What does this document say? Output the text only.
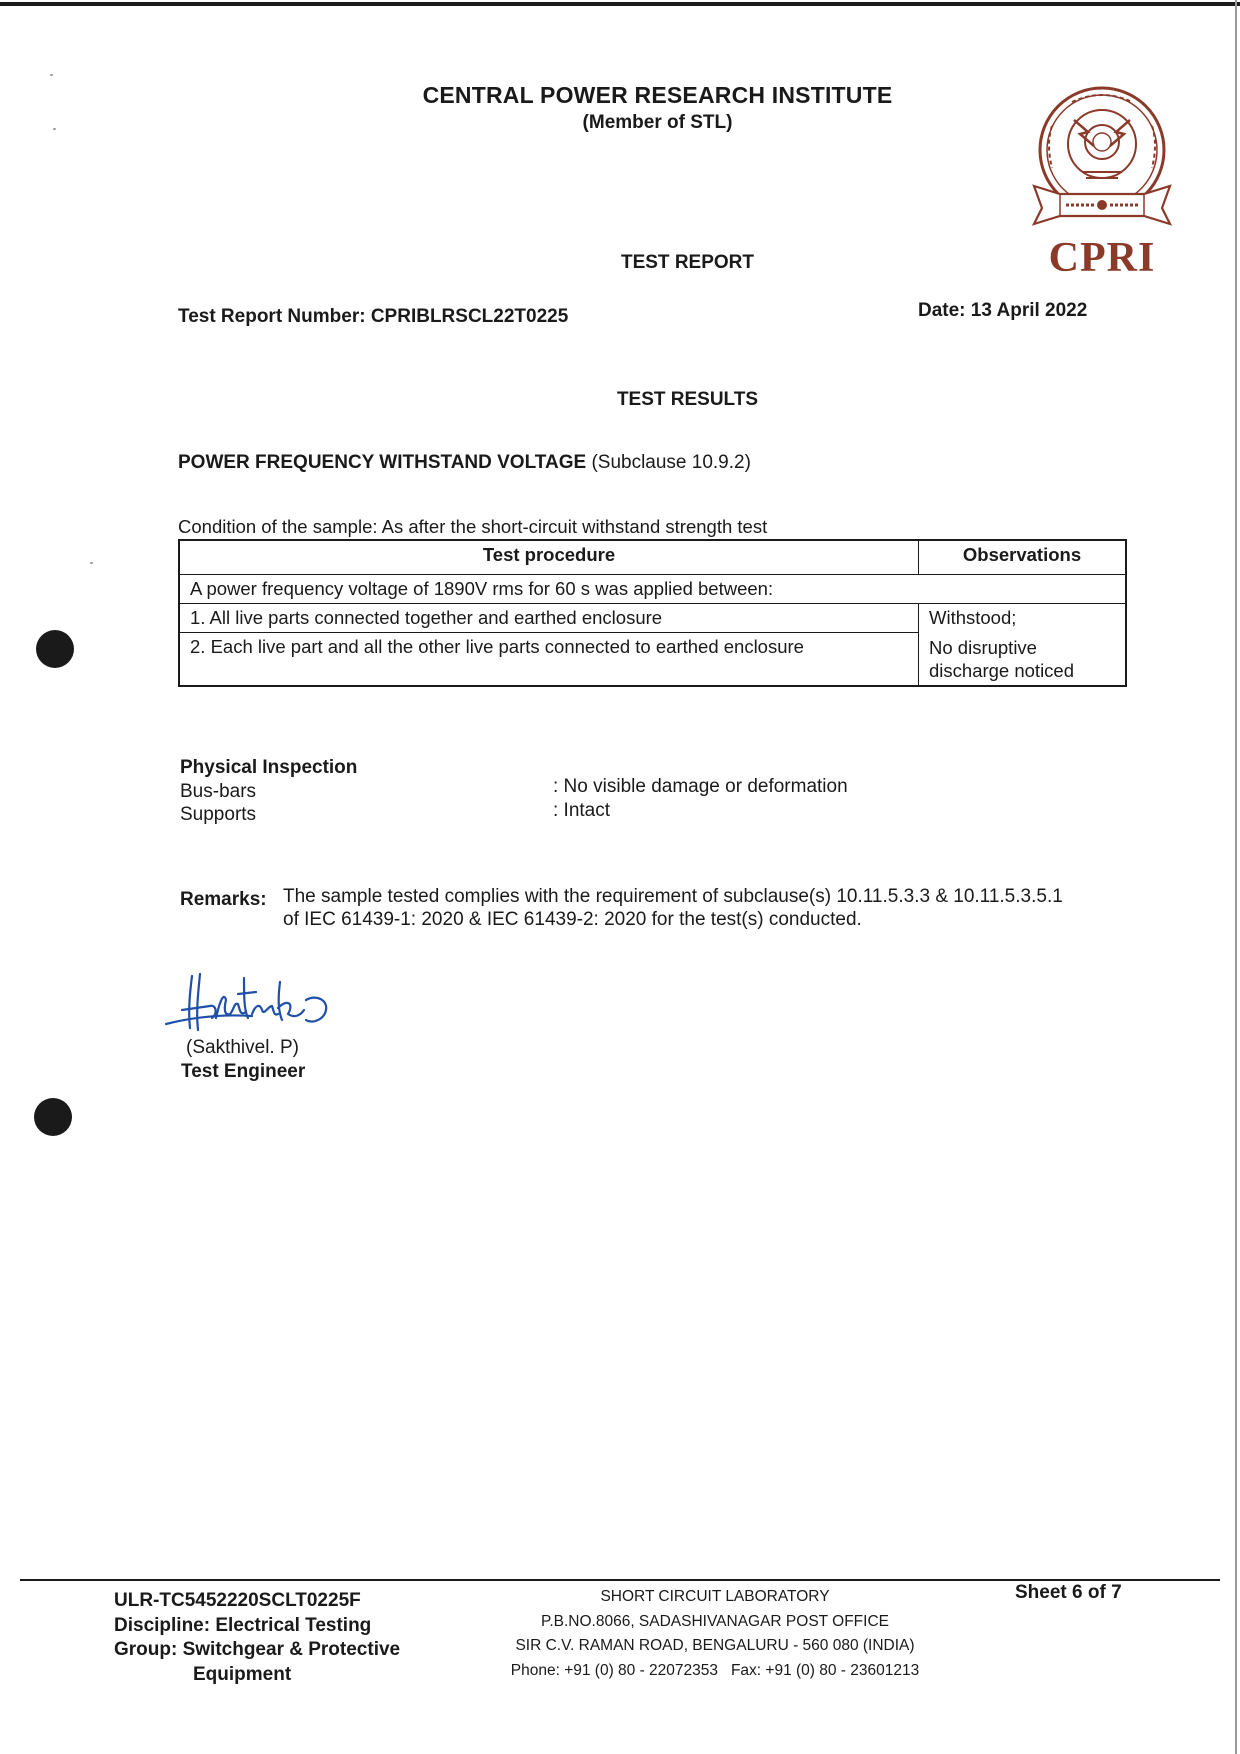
CENTRAL POWER RESEARCH INSTITUTE
(Member of STL)
CPRI
TEST REPORT
Test Report Number: CPRIBLRSCL22T0225	Date: 13 April 2022
TEST RESULTS
POWER FREQUENCY WITHSTAND VOLTAGE (Subclause 10.9.2)
Condition of the sample: As after the short-circuit withstand strength test
Test procedure	Observations
A power frequency voltage of 1890V rms for 60 s was applied between:	
1. All live parts connected together and earthed enclosure	Withstood;
2. Each live part and all the other live parts connected to earthed enclosure	No disruptive discharge noticed
Physical Inspection
Bus-bars	: No visible damage or deformation
Supports	: Intact
Remarks: The sample tested complies with the requirement of subclause(s) 10.11.5.3.3 & 10.11.5.3.5.1
of IEC 61439-1: 2020 & IEC 61439-2: 2020 for the test(s) conducted.
(Sakthivel. P)
Test Engineer
ULR-TC5452220SCLT0225F
Discipline: Electrical Testing
Group: Switchgear & Protective
Equipment
SHORT CIRCUIT LABORATORY
P.B.NO.8066, SADASHIVANAGAR POST OFFICE
SIR C.V. RAMAN ROAD, BENGALURU - 560 080 (INDIA)
Phone: +91 (0) 80 - 22072353   Fax: +91 (0) 80 - 23601213
Sheet 6 of 7
